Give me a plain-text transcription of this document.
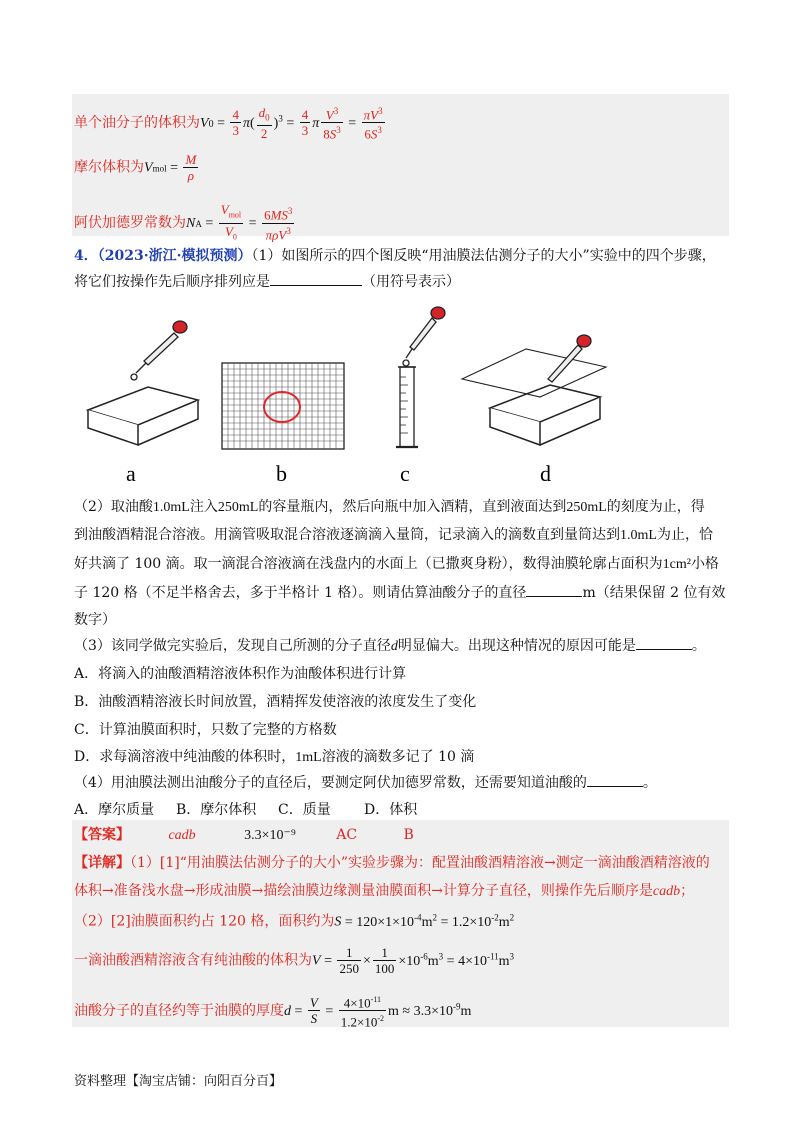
单个油分子的体积为$V0 = \frac{4}{3} \pi( \frac{d_0}{2} )^3 = \frac{4}{3}$ π $\frac{V^3}{8S^3} = \frac{\pi V^3}{6S^3}$
摩尔体积为Vmol = $\frac{M}{\rho}$
阿伏加德罗常数为NA = $\frac{V_{mol}}{V_0} = \frac{6MS^3}{\pi\rho V^3}$
4．（2023·浙江·模拟预测）（1）如图所示的四个图反映“用油膜法估测分子的大小”实验中的四个步骤，
将它们按操作先后顺序排列应是	（用符号表示）
a	b	c	d
（2）取油酸1.0mL注入250mL的容量瓶内，然后向瓶中加入酒精，直到液面达到250mL的刻度为止，得
到油酸酒精混合溶液。用滴管吸取混合溶液逐滴滴入量筒，记录滴入的滴数直到量筒达到1.0mL为止，恰
好共滴了 100 滴。取一滴混合溶液滴在浅盘内的水面上（已撒爽身粉），数得油膜轮廓占面积为1cm²小格
子 120 格（不足半格舍去，多于半格计 1 格）。则请估算油酸分子的直径	m（结果保留 2 位有效
数字）
（3）该同学做完实验后，发现自己所测的分子直径d明显偏大。出现这种情况的原因可能是	。
A．将滴入的油酸酒精溶液体积作为油酸体积进行计算
B．油酸酒精溶液长时间放置，酒精挥发使溶液的浓度发生了变化
C．计算油膜面积时，只数了完整的方格数
D．求每滴溶液中纯油酸的体积时，1mL溶液的滴数多记了 10 滴
（4）用油膜法测出油酸分子的直径后，要测定阿伏加德罗常数，还需要知道油酸的	。
A．摩尔质量 B．摩尔体积 C．质量 D．体积
【答案】	cadb	3.3×10⁻⁹	AC	B
【详解】（1）[1]“用油膜法估测分子的大小”实验步骤为：配置油酸酒精溶液→测定一滴油酸酒精溶液的
体积→准备浅水盘→形成油膜→描绘油膜边缘测量油膜面积→计算分子直径，则操作先后顺序是cadb；
（2）[2]油膜面积约占 120 格，面积约为$S = 120\times 1\times 10^{-4}m^2 = 1.2\times 10^{-2}m^2$
一滴油酸酒精溶液含有纯油酸的体积为$V = \frac{1}{250} \times \frac{1}{100} \times 10^{-6}m^3 = 4\times 10^{-11}m^3$
油酸分子的直径约等于油膜的厚度$d = \frac{V}{S} = \frac{4\times 10^{-11}}{1.2\times 10^{-2}}$ $m \approx 3.3\times 10^{-9}m$
资料整理【淘宝店铺：向阳百分百】
